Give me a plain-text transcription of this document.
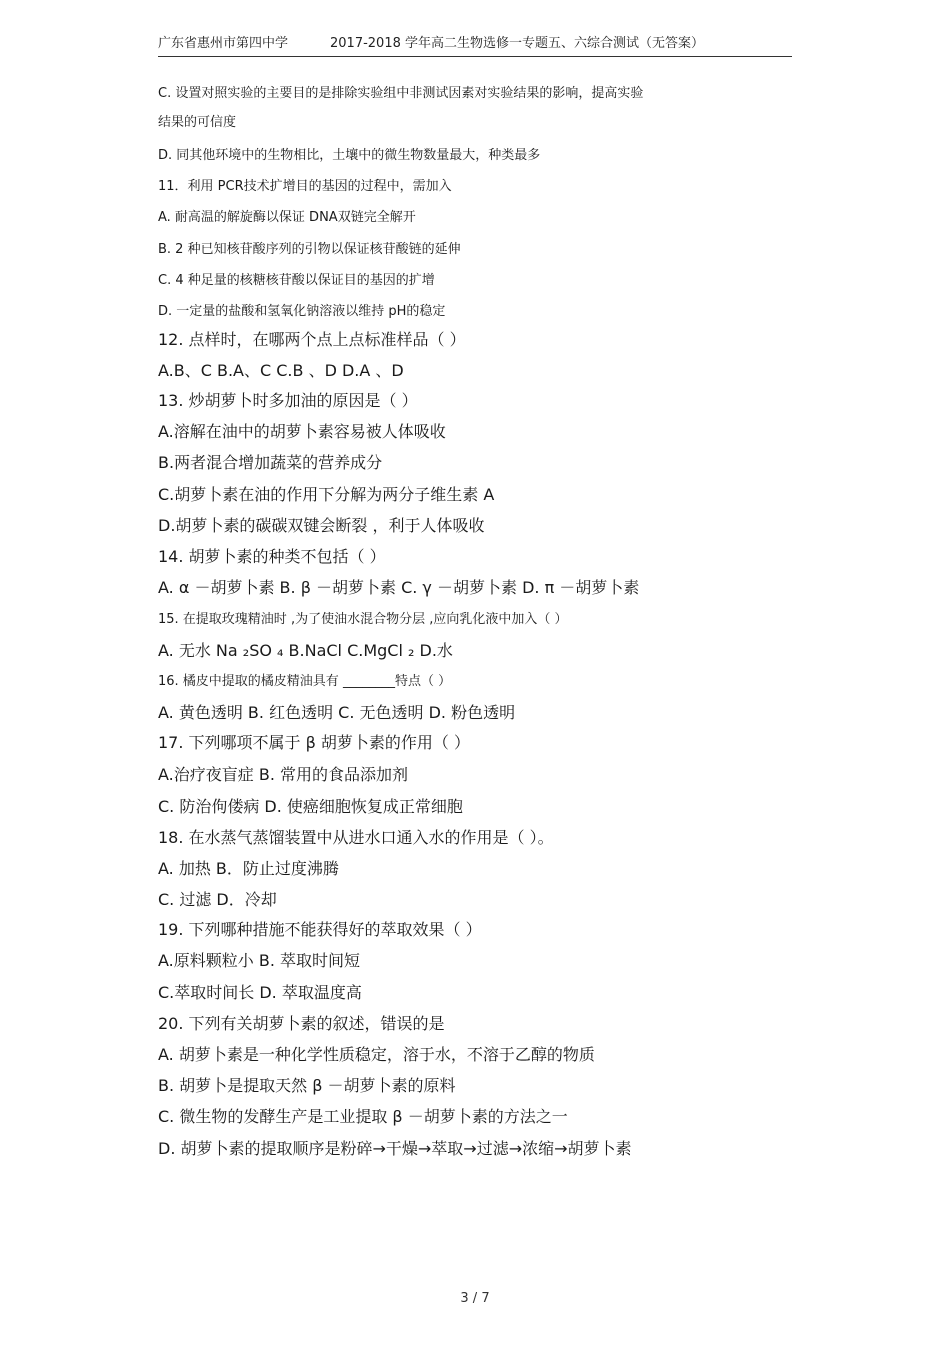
广东省惠州市第四中学	2017-2018 学年高二生物选修一专题五、六综合测试（无答案）
C. 设置对照实验的主要目的是排除实验组中非测试因素对实验结果的影响，提高实验
结果的可信度
D. 同其他环境中的生物相比，土壤中的微生物数量最大，种类最多
11．利用 PCR技术扩增目的基因的过程中，需加入
A. 耐高温的解旋酶以保证 DNA双链完全解开
B. 2 种已知核苷酸序列的引物以保证核苷酸链的延伸
C. 4 种足量的核糖核苷酸以保证目的基因的扩增
D. 一定量的盐酸和氢氧化钠溶液以维持 pH的稳定
12. 点样时，在哪两个点上点标准样品（ ）
A.B、C B.A、C C.B 、D D.A 、D
13. 炒胡萝卜时多加油的原因是（ ）
A.溶解在油中的胡萝卜素容易被人体吸收
B.两者混合增加蔬菜的营养成分
C.胡萝卜素在油的作用下分解为两分子维生素 A
D.胡萝卜素的碳碳双键会断裂 ，利于人体吸收
14. 胡萝卜素的种类不包括（ ）
A. α －胡萝卜素 B. β －胡萝卜素 C. γ －胡萝卜素 D. π －胡萝卜素
15. 在提取玫瑰精油时 ,为了使油水混合物分层 ,应向乳化液中加入（ ）
A. 无水 Na ₂SO ₄ B.NaCl C.MgCl ₂ D.水
16. 橘皮中提取的橘皮精油具有 ________特点（ ）
A. 黄色透明 B. 红色透明 C. 无色透明 D. 粉色透明
17. 下列哪项不属于 β 胡萝卜素的作用（ ）
A.治疗夜盲症 B. 常用的食品添加剂
C. 防治佝偻病 D. 使癌细胞恢复成正常细胞
18. 在水蒸气蒸馏装置中从进水口通入水的作用是（ ）。
A. 加热 B．防止过度沸腾
C. 过滤 D．冷却
19. 下列哪种措施不能获得好的萃取效果（ ）
A.原料颗粒小 B. 萃取时间短
C.萃取时间长 D. 萃取温度高
20. 下列有关胡萝卜素的叙述，错误的是
A. 胡萝卜素是一种化学性质稳定，溶于水，不溶于乙醇的物质
B. 胡萝卜是提取天然 β －胡萝卜素的原料
C. 微生物的发酵生产是工业提取 β －胡萝卜素的方法之一
D. 胡萝卜素的提取顺序是粉碎→干燥→萃取→过滤→浓缩→胡萝卜素
3 / 7
